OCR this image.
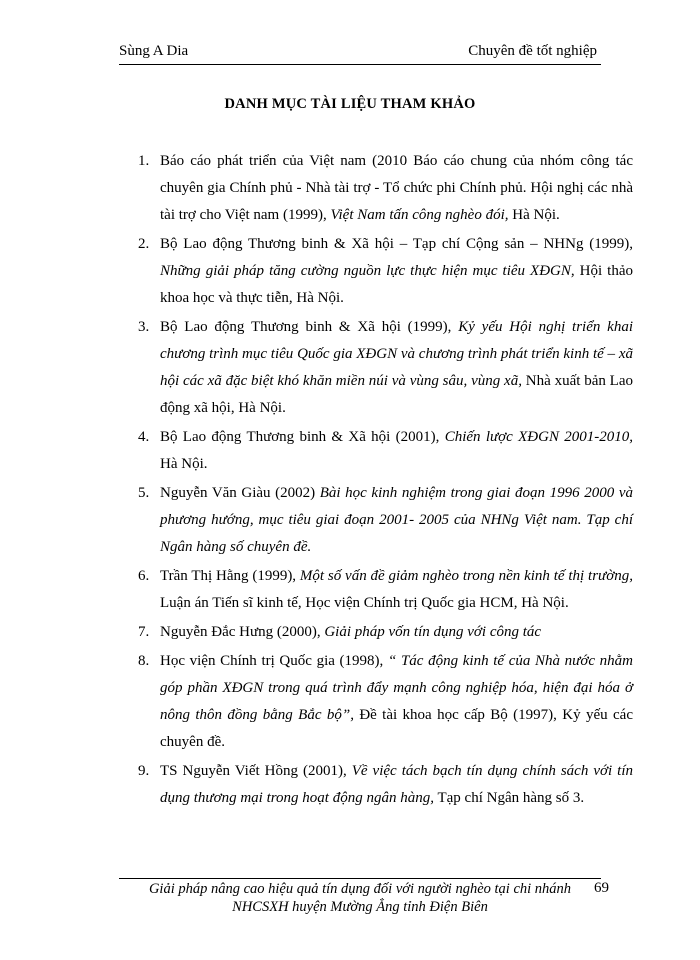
Sùng A Dia	Chuyên đề tốt nghiệp
DANH MỤC TÀI LIỆU THAM KHẢO
1. Báo cáo phát triển của Việt nam (2010 Báo cáo chung của nhóm công tác chuyên gia Chính phủ - Nhà tài trợ - Tổ chức phi Chính phủ. Hội nghị các nhà tài trợ cho Việt nam (1999), Việt Nam tấn công nghèo đói, Hà Nội.
2. Bộ Lao động Thương binh & Xã hội – Tạp chí Cộng sản – NHNg (1999), Những giải pháp tăng cường nguồn lực thực hiện mục tiêu XĐGN, Hội thảo khoa học và thực tiễn, Hà Nội.
3. Bộ Lao động Thương binh & Xã hội (1999), Kỷ yếu Hội nghị triển khai chương trình mục tiêu Quốc gia XĐGN và chương trình phát triển kinh tế – xã hội các xã đặc biệt khó khăn miền núi và vùng sâu, vùng xã, Nhà xuất bản Lao động xã hội, Hà Nội.
4. Bộ Lao động Thương binh & Xã hội (2001), Chiến lược XĐGN 2001-2010, Hà Nội.
5. Nguyễn Văn Giàu (2002) Bài học kinh nghiệm trong giai đoạn 1996 2000 và phương hướng, mục tiêu giai đoạn 2001- 2005 của NHNg Việt nam. Tạp chí Ngân hàng số chuyên đề.
6. Trần Thị Hằng (1999), Một số vấn đề giảm nghèo trong nền kinh tế thị trường, Luận án Tiến sĩ kinh tế, Học viện Chính trị Quốc gia HCM, Hà Nội.
7. Nguyễn Đắc Hưng (2000), Giải pháp vốn tín dụng với công tác
8. Học viện Chính trị Quốc gia (1998), “ Tác động kinh tế của Nhà nước nhằm góp phần XĐGN trong quá trình đẩy mạnh công nghiệp hóa, hiện đại hóa ở nông thôn đồng bằng Bắc bộ”, Đề tài khoa học cấp Bộ (1997), Kỷ yếu các chuyên đề.
9. TS Nguyễn Viết Hồng (2001), Về việc tách bạch tín dụng chính sách với tín dụng thương mại trong hoạt động ngân hàng, Tạp chí Ngân hàng số 3.
Giải pháp nâng cao hiệu quả tín dụng đối với người nghèo tại chi nhánh
NHCSXH huyện Mường Ẳng tỉnh Điện Biên
69
